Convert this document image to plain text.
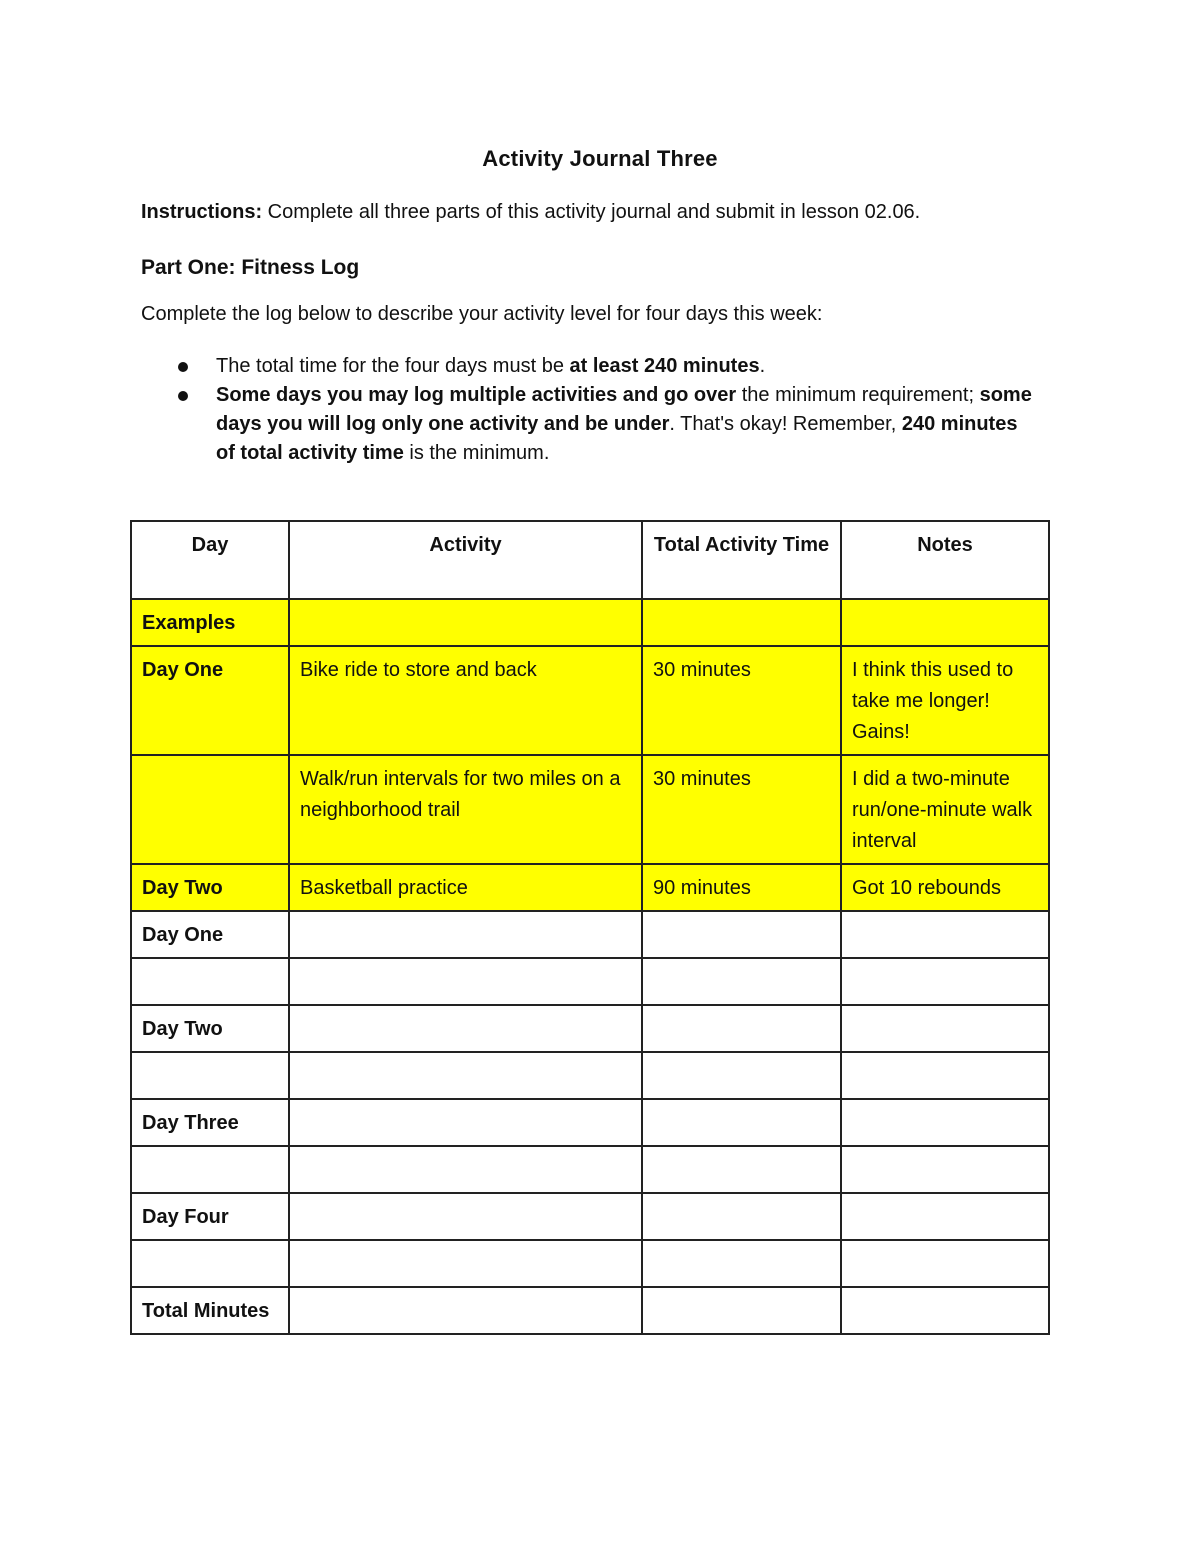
Activity Journal Three
Instructions: Complete all three parts of this activity journal and submit in lesson 02.06.
Part One: Fitness Log
Complete the log below to describe your activity level for four days this week:
The total time for the four days must be at least 240 minutes.
Some days you may log multiple activities and go over the minimum requirement; some days you will log only one activity and be under. That's okay! Remember, 240 minutes of total activity time is the minimum.
Day	Activity	Total Activity Time	Notes
Examples			
Day One	Bike ride to store and back	30 minutes	I think this used to take me longer! Gains!
	Walk/run intervals for two miles on a neighborhood trail	30 minutes	I did a two-minute run/one-minute walk interval
Day Two	Basketball practice	90 minutes	Got 10 rebounds
Day One			

Day Two			

Day Three			

Day Four			

Total Minutes			
